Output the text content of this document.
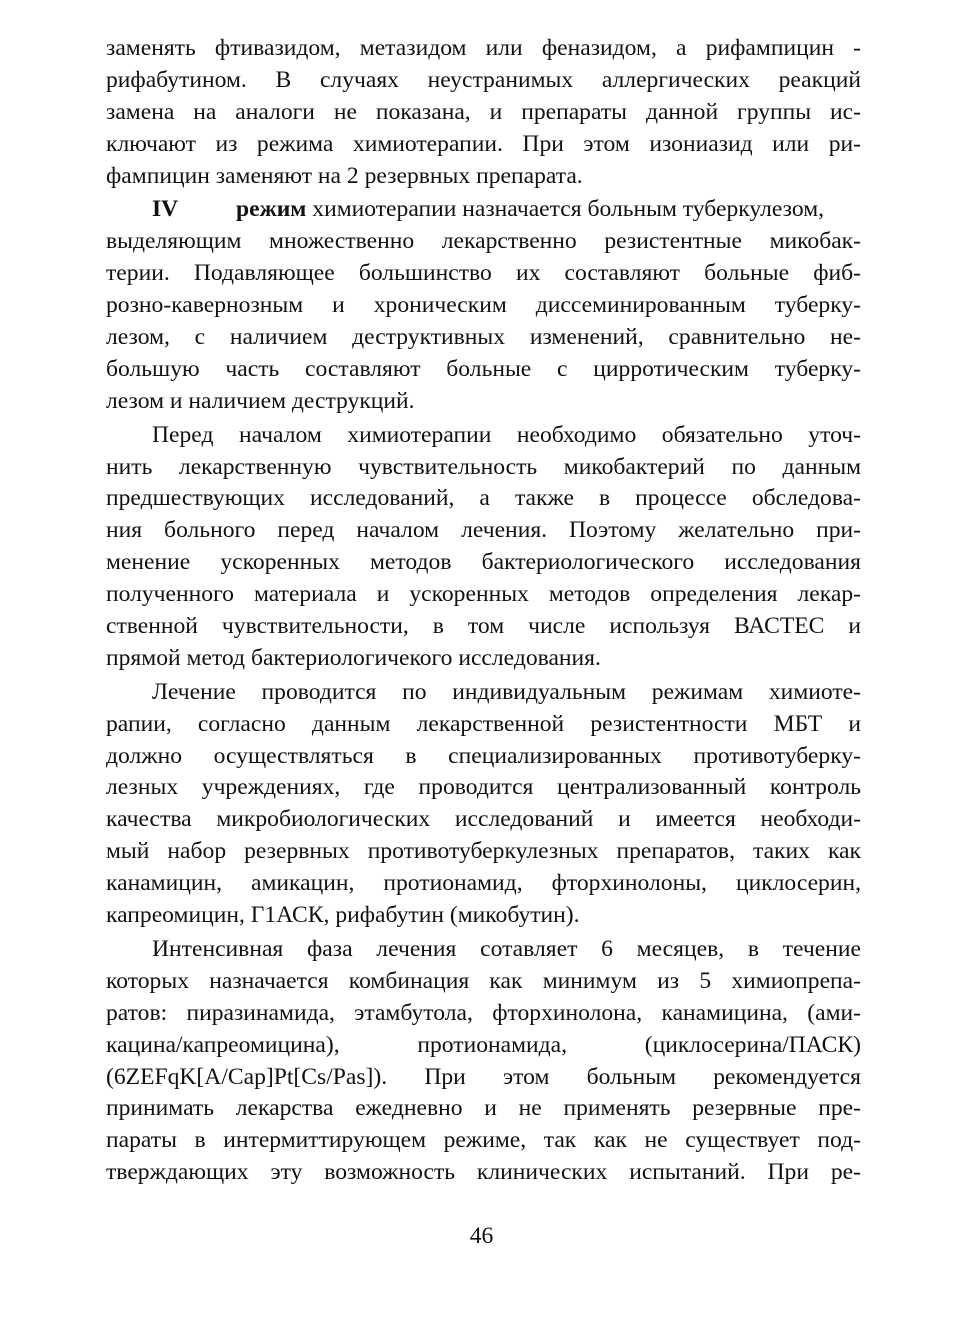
заменять фтивазидом, метазидом или феназидом, а рифампицин -
рифабутином. В случаях неустранимых аллергических реакций
замена на аналоги не показана, и препараты данной группы ис-
ключают из режима химиотерапии. При этом изониазид или ри-
фампицин заменяют на 2 резервных препарата.
IV режим химиотерапии назначается больным туберкулезом,
выделяющим множественно лекарственно резистентные микобак-
терии. Подавляющее большинство их составляют больные фиб-
розно-кавернозным и хроническим диссеминированным туберку-
лезом, с наличием деструктивных изменений, сравнительно не-
большую часть составляют больные с цирротическим туберку-
лезом и наличием деструкций.
Перед началом химиотерапии необходимо обязательно уточ-
нить лекарственную чувствительность микобактерий по данным
предшествующих исследований, а также в процессе обследова-
ния больного перед началом лечения. Поэтому желательно при-
менение ускоренных методов бактериологического исследования
полученного материала и ускоренных методов определения лекар-
ственной чувствительности, в том числе используя ВАСТЕС и
прямой метод бактериологичекого исследования.
Лечение проводится по индивидуальным режимам химиоте-
рапии, согласно данным лекарственной резистентности МБТ и
должно осуществляться в специализированных противотуберку-
лезных учреждениях, где проводится централизованный контроль
качества микробиологических исследований и имеется необходи-
мый набор резервных противотуберкулезных препаратов, таких как
канамицин, амикацин, протионамид, фторхинолоны, циклосерин,
капреомицин, Г1АСК, рифабутин (микобутин).
Интенсивная фаза лечения сотавляет 6 месяцев, в течение
которых назначается комбинация как минимум из 5 химиопрепа-
ратов: пиразинамида, этамбутола, фторхинолона, канамицина, (ами-
кацина/капреомицина), протионамида, (циклосерина/ПАСК)
(6ZEFqK[A/Cap]Pt[Cs/Pas]). При этом больным рекомендуется
принимать лекарства ежедневно и не применять резервные пре-
параты в интермиттирующем режиме, так как не существует под-
тверждающих эту возможность клинических испытаний. При ре-
46
